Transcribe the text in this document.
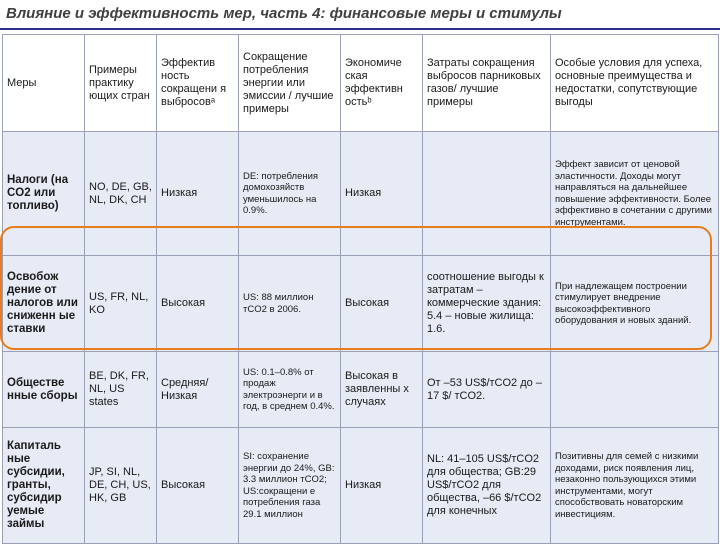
Влияние и эффективность мер, часть 4: финансовые меры и стимулы
Меры	Примеры практику ющих стран	Эффектив ность сокращени я выбросовᵃ	Сокращение потребления энергии или эмиссии / лучшие примеры	Экономиче ская эффективн остьᵇ	Затраты сокращения выбросов парниковых газов/ лучшие примеры	Особые условия для успеха, основные преимущества и недостатки, сопутствующие выгоды
Налоги (на CO2 или топливо)	NO, DE, GB, NL, DK, CH	Низкая	DE: потребления домохозяйств уменьшилось на 0.9%.	Низкая		Эффект зависит от ценовой эластичности. Доходы могут направляться на дальнейшее повышение эффективности. Более эффективно в сочетании с другими инструментами.
Освобож дение от налогов или сниженн ые ставки	US, FR, NL, KO	Высокая	US: 88 миллион тCO2 в 2006.	Высокая	соотношение выгоды к затратам – коммерческие здания: 5.4 – новые жилища: 1.6.	При надлежащем построении стимулирует внедрение высокоэффективного оборудования и новых зданий.
Обществе нные сборы	BE, DK, FR, NL, US states	Средняя/ Низкая	US: 0.1–0.8% от продаж электроэнерги и в год, в среднем 0.4%.	Высокая в заявленны х случаях	От –53 US$/тCO2 до –17 $/ тCO2.	
Капиталь ные субсидии, гранты, субсидир уемые займы	JP, SI, NL, DE, CH, US, HK, GB	Высокая	SI: сохранение энергии до 24%, GB: 3.3 миллион тCO2; US:сокращени е потребления газа 29.1 миллион	Низкая	NL: 41–105 US$/тCO2 для общества; GB:29 US$/тCO2 для общества, –66 $/тCO2 для конечных	Позитивны для семей с низкими доходами, риск появления лиц, незаконно пользующихся этими инструментами, могут способствовать новаторским инвестициям.
